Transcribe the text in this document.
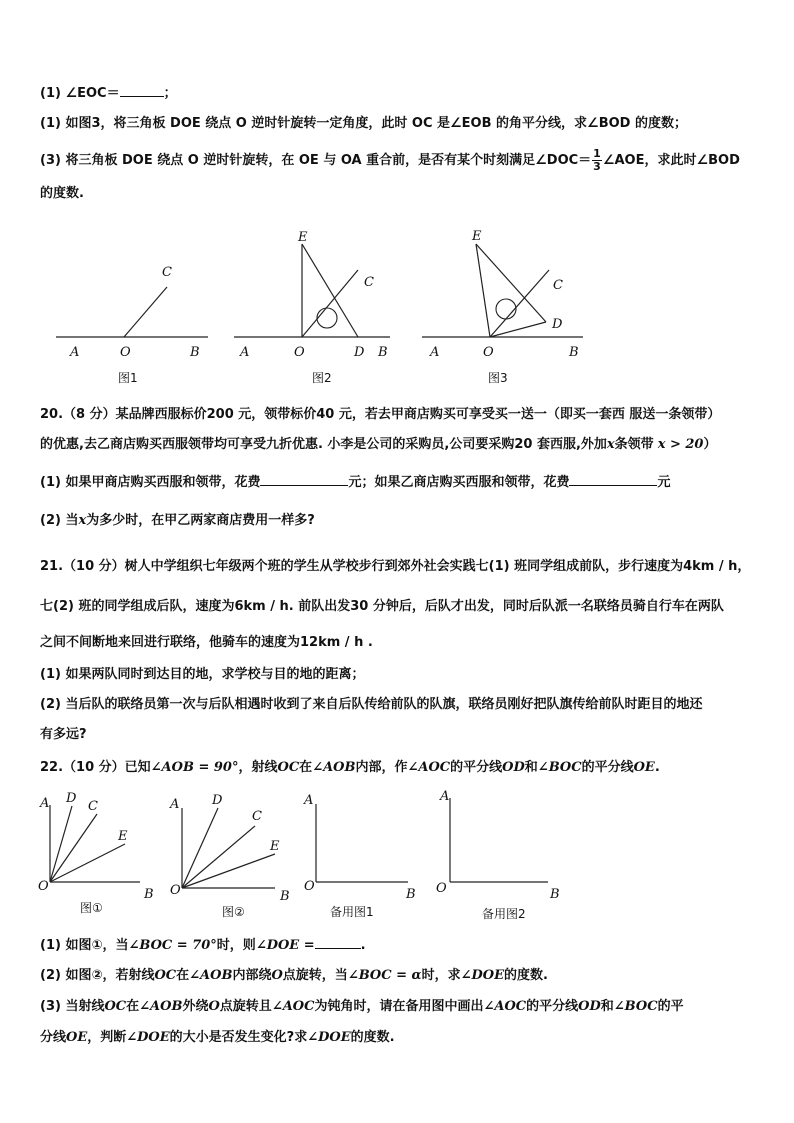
(1) ∠EOC＝	；
(1) 如图3，将三角板 DOE 绕点 O 逆时针旋转一定角度，此时 OC 是∠EOB 的角平分线，求∠BOD 的度数；
(3) 将三角板 DOE 绕点 O 逆时针旋转，在 OE 与 OA 重合前，是否有某个时刻满足∠DOC＝ $\frac{1}{3}$ ∠AOE，求此时∠BOD
的度数.
A	O	B
C
图1
A	O	D B
E
C
图2
A	O	B
E
C
D
图3
20.（8 分）某品牌西服标价200 元，领带标价40 元，若去甲商店购买可享受买一送一（即买一套西 服送一条领带）
的优惠,去乙商店购买西服领带均可享受九折优惠. 小李是公司的采购员,公司要采购20 套西服,外加x条领带 x > 20）
(1) 如果甲商店购买西服和领带，花费	元；如果乙商店购买西服和领带，花费	元
(2) 当x为多少时，在甲乙两家商店费用一样多?
21.（10 分）树人中学组织七年级两个班的学生从学校步行到郊外社会实践七(1) 班同学组成前队，步行速度为4km / h，
七(2) 班的同学组成后队，速度为6km / h. 前队出发30 分钟后，后队才出发，同时后队派一名联络员骑自行车在两队
之间不间断地来回进行联络，他骑车的速度为12km / h .
(1) 如果两队同时到达目的地，求学校与目的地的距离；
(2) 当后队的联络员第一次与后队相遇时收到了来自后队传给前队的队旗，联络员刚好把队旗传给前队时距目的地还
有多远?
22.（10 分）已知∠AOB = 90°，射线OC在∠AOB内部，作∠AOC的平分线OD和∠BOC的平分线OE.
A D
C
E
O
B
图①
A	D
C
E
O	B
图②
A
O
B
备用图1
A
O	B
备用图2
(1) 如图①，当∠BOC = 70°时，则∠DOE =	.
(2) 如图②，若射线OC在∠AOB内部绕O点旋转，当∠BOC = α时，求∠DOE的度数.
(3) 当射线OC在∠AOB外绕O点旋转且∠AOC为钝角时，请在备用图中画出∠AOC的平分线OD和∠BOC的平
分线OE，判断∠DOE的大小是否发生变化?求∠DOE的度数.
